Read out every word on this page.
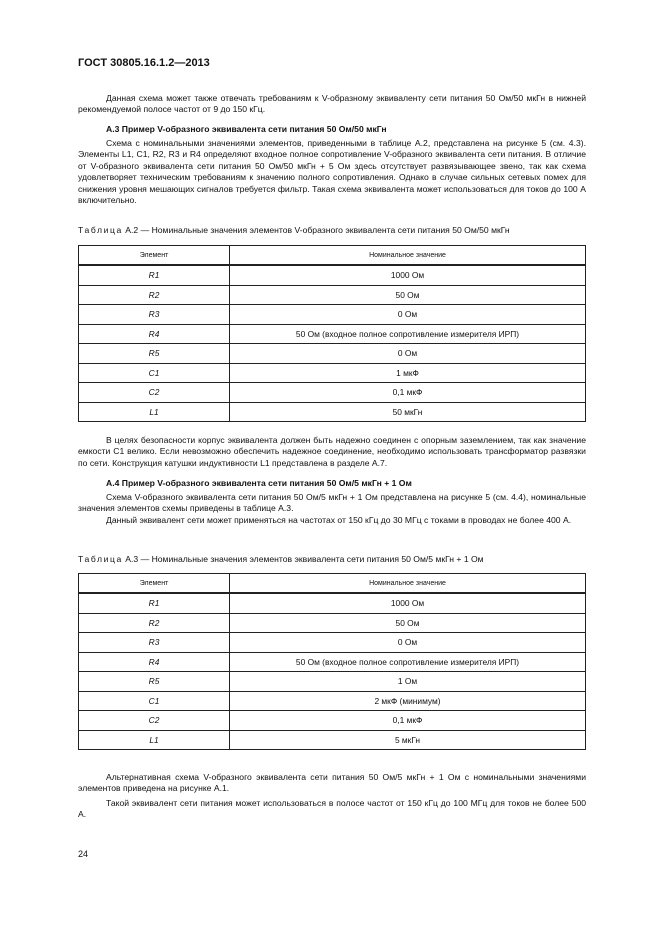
ГОСТ 30805.16.1.2—2013

Данная схема может также отвечать требованиям к V-образному эквиваленту сети питания 50 Ом/50 мкГн в нижней рекомендуемой полосе частот от 9 до 150 кГц.

А.3 Пример V-образного эквивалента сети питания 50 Ом/50 мкГн

Схема с номинальными значениями элементов, приведенными в таблице А.2, представлена на рисунке 5 (см. 4.3). Элементы L1, C1, R2, R3 и R4 определяют входное полное сопротивление V-образного эквивалента сети питания. В отличие от V-образного эквивалента сети питания 50 Ом/50 мкГн + 5 Ом здесь отсутствует развязывающее звено, так как схема удовлетворяет техническим требованиям к значению полного сопротивления. Однако в случае сильных сетевых помех для снижения уровня мешающих сигналов требуется фильтр. Такая схема эквивалента может использоваться для токов до 100 А включительно.

Таблица А.2 — Номинальные значения элементов V-образного эквивалента сети питания 50 Ом/50 мкГн

Элемент	Номинальное значение
R1	1000 Ом
R2	50 Ом
R3	0 Ом
R4	50 Ом (входное полное сопротивление измерителя ИРП)
R5	0 Ом
C1	1 мкФ
C2	0,1 мкФ
L1	50 мкГн

В целях безопасности корпус эквивалента должен быть надежно соединен с опорным заземлением, так как значение емкости C1 велико. Если невозможно обеспечить надежное соединение, необходимо использовать трансформатор развязки по сети. Конструкция катушки индуктивности L1 представлена в разделе А.7.

А.4 Пример V-образного эквивалента сети питания 50 Ом/5 мкГн + 1 Ом

Схема V-образного эквивалента сети питания 50 Ом/5 мкГн + 1 Ом представлена на рисунке 5 (см. 4.4), номинальные значения элементов схемы приведены в таблице А.3.

Данный эквивалент сети может применяться на частотах от 150 кГц до 30 МГц с токами в проводах не более 400 А.

Таблица А.3 — Номинальные значения элементов эквивалента сети питания 50 Ом/5 мкГн + 1 Ом

Элемент	Номинальное значение
R1	1000 Ом
R2	50 Ом
R3	0 Ом
R4	50 Ом (входное полное сопротивление измерителя ИРП)
R5	1 Ом
C1	2 мкФ (минимум)
C2	0,1 мкФ
L1	5 мкГн

Альтернативная схема V-образного эквивалента сети питания 50 Ом/5 мкГн + 1 Ом с номинальными значениями элементов приведена на рисунке А.1.

Такой эквивалент сети питания может использоваться в полосе частот от 150 кГц до 100 МГц для токов не более 500 А.

24
